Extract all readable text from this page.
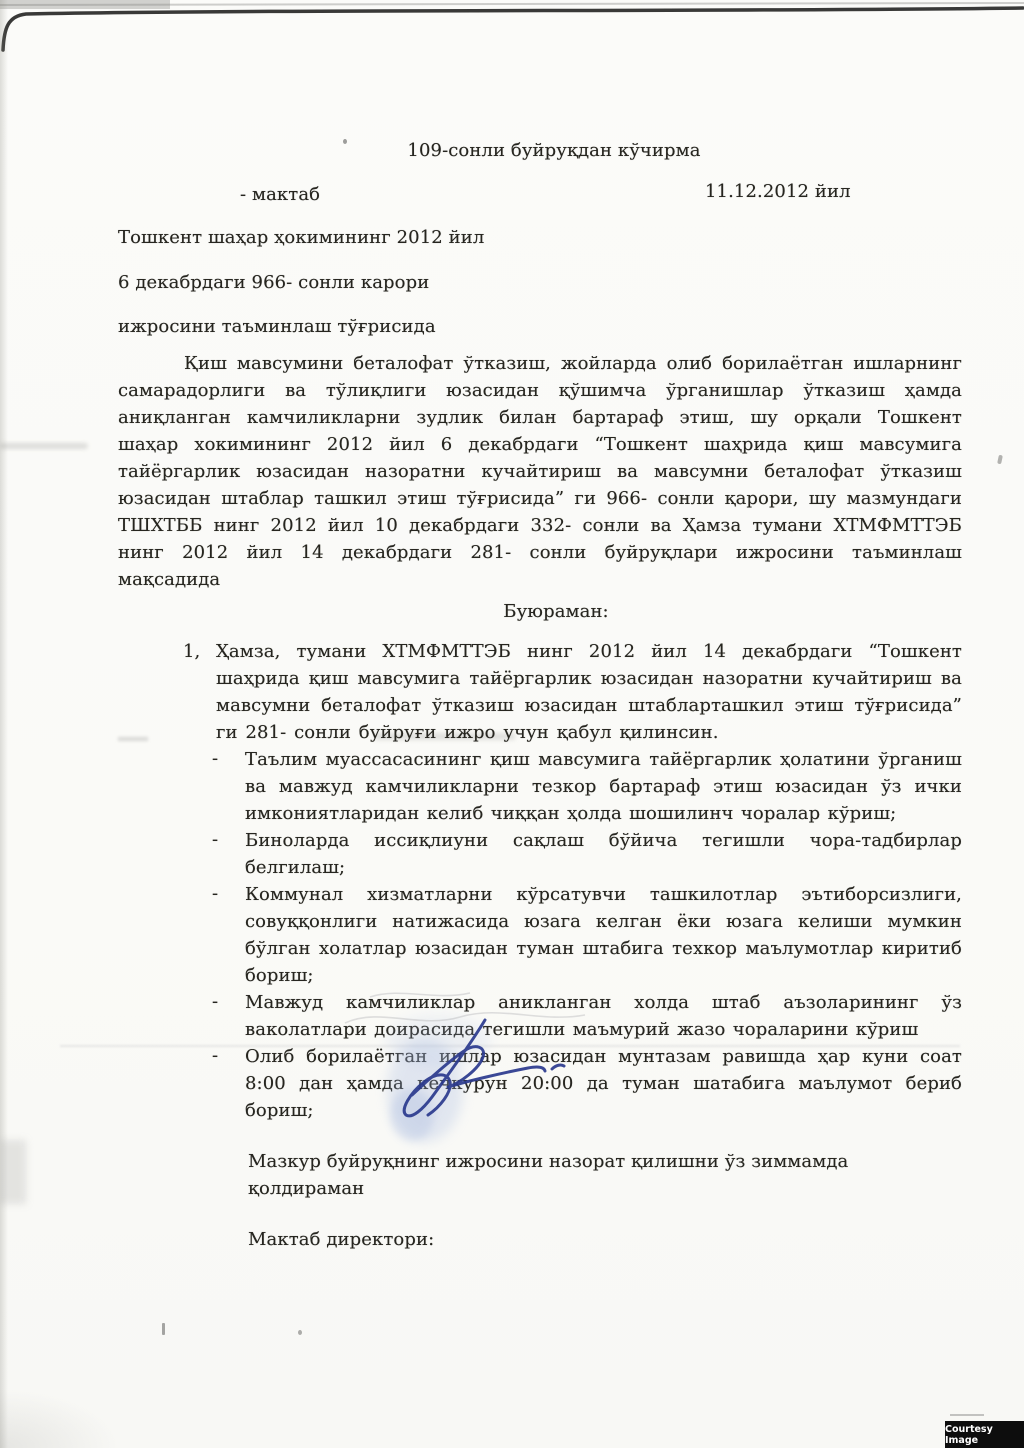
109-сонли буйруқдан кўчирма
- мактаб	11.12.2012 йил
Тошкент шаҳар ҳокимининг 2012 йил
6 декабрдаги 966- сонли карори
ижросини таъминлаш тўғрисида

Қиш мавсумини беталофат ўтказиш, жойларда олиб борилаётган ишларнинг самарадорлиги ва тўлиқлиги юзасидан қўшимча ўрганишлар ўтказиш ҳамда аниқланган камчиликларни зудлик билан бартараф этиш, шу орқали Тошкент шаҳар хокимининг 2012 йил 6 декабрдаги “Тошкент шаҳрида қиш мавсумига тайёргарлик юзасидан назоратни кучайтириш ва мавсумни беталофат ўтказиш юзасидан штаблар ташкил этиш тўғрисида” ги 966- сонли қарори, шу мазмундаги ТШХТББ нинг 2012 йил 10 декабрдаги 332- сонли ва Ҳамза тумани ХТМФМТТЭБ нинг 2012 йил 14 декабрдаги 281- сонли буйруқлари ижросини таъминлаш мақсадида

Буюраман:
1, Ҳамза, тумани ХТМФМТТЭБ нинг 2012 йил 14 декабрдаги “Тошкент шаҳрида қиш мавсумига тайёргарлик юзасидан назоратни кучайтириш ва мавсумни беталофат ўтказиш юзасидан штабларташкил этиш тўғрисида” ги 281- сонли буйруғи ижро учун қабул қилинсин.
- Таълим муассасасининг қиш мавсумига тайёргарлик ҳолатини ўрганиш ва мавжуд камчиликларни тезкор бартараф этиш юзасидан ўз ички имкониятларидан келиб чиққан ҳолда шошилинч чоралар кўриш;
- Биноларда иссиқлиуни сақлаш бўйича тегишли чора-тадбирлар белгилаш;
- Коммунал хизматларни кўрсатувчи ташкилотлар эътиборсизлиги, совуққонлиги натижасида юзага келган ёки юзага келиши мумкин бўлган холатлар юзасидан туман штабига техкор маълумотлар киритиб бориш;
- Мавжуд камчиликлар аникланган холда штаб аъзоларининг ўз ваколатлари доирасида тегишли маъмурий жазо чораларини кўриш
- Олиб борилаётган ишлар юзасидан мунтазам равишда ҳар куни соат 8:00 дан ҳамда кечкурун 20:00 да туман шатабига маълумот бериб бориш;
Мазкур буйруқнинг ижросини назорат қилишни ўз зиммамда қолдираман
Мактаб директори:
Courtesy Image
